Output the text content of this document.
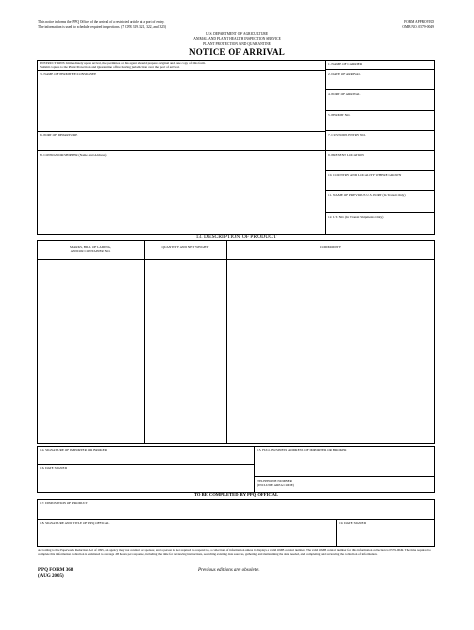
This notice informs the PPQ Office of the arrival of a restricted article at a port of entry.
The information is used to schedule required inspections. (7 CFR 319.321, 322, and 325)
FORM APPROVED
OMB NO. 0579-0049
U.S. DEPARTMENT OF AGRICULTURE
ANIMAL AND PLANT HEALTH INSPECTION SERVICE
PLANT PROTECTION AND QUARANTINE
NOTICE OF ARRIVAL
INSTRUCTIONS: Immediately upon arrival, the permittee or his agent should prepare original and one copy of this form.
Submit copies to the Plant Protection and Quarantine office having jurisdiction over the port of arrival.
1. NAME OF CARRIER
3. NAME OF PERMITEE/CONSIGNEE	2. DATE OF ARRIVAL
4. PORT OF ARRIVAL
5. PERMIT NO.
6. PORT OF DEPARTURE	7. CUSTOMS ENTRY NO.
8. CONSIGNOR/SHIPPER (Name and Address)	9. PRESENT LOCATION
10. COUNTRY AND LOCALITY WHERE GROWN
11. NAME OF PREVIOUS U.S. PORT (In Transit Only)
12. I.T. NO. (In Transit Shipments Only)
13. DESCRIPTION OF PRODUCT
MARKS, BILL OF LADING,
AND/OR CONTAINER NO.
QUANTITY AND NET WEIGHT	COMMODITY
14. SIGNATURE OF IMPORTER OR BROKER	15. FULL BUSINESS ADDRESS OF IMPORTER OR BROKER
16. DATE SIGNED
TELEPHONE NUMBER
(INCLUDE AREA CODE)
TO BE COMPLETED BY PPQ OFFICAL
17. DISPOSITION OF PRODUCT
18. SIGNATURE AND TITLE OF PPQ OFFICAL	19. DATE SIGNED
According to the Paperwork Reduction Act of 1995, an agency may not conduct or sponsor, and a person is not required to respond to, a collection of information unless it displays a valid OMB control number. The valid OMB control number for this information collection is 0579-0049. The time required to complete this information collection is estimated to average .08 hours per response, including the time for reviewing instructions, searching existing data sources, gathering and maintaining the data needed, and completing and reviewing the collection of information.
PPQ FORM 368
(AUG 2005)
Previous editions are obsolete.
